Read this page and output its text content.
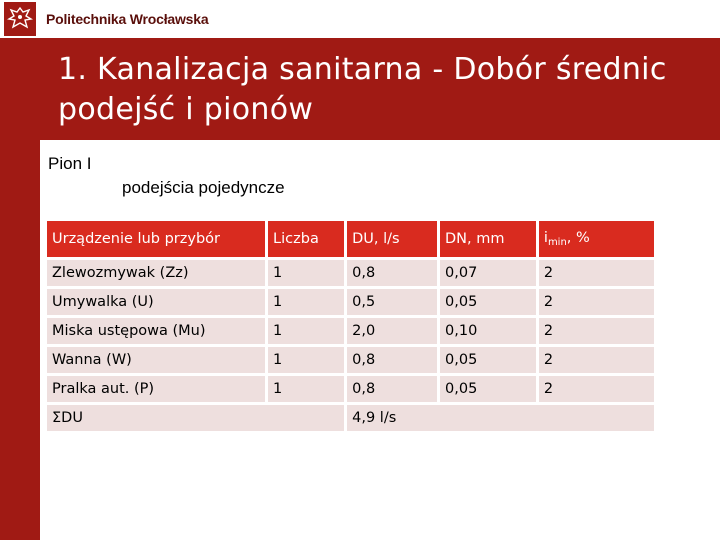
Politechnika Wrocławska
1. Kanalizacja sanitarna - Dobór średnic podejść i pionów
Pion I
podejścia pojedyncze
Urządzenie lub przybór	Liczba	DU, l/s	DN, mm	$i_{min}$, %
Zlewozmywak (Zz)	1	0,8	0,07	2
Umywalka (U)	1	0,5	0,05	2
Miska ustępowa (Mu)	1	2,0	0,10	2
Wanna (W)	1	0,8	0,05	2
Pralka aut. (P)	1	0,8	0,05	2
ΣDU		4,9 l/s		
